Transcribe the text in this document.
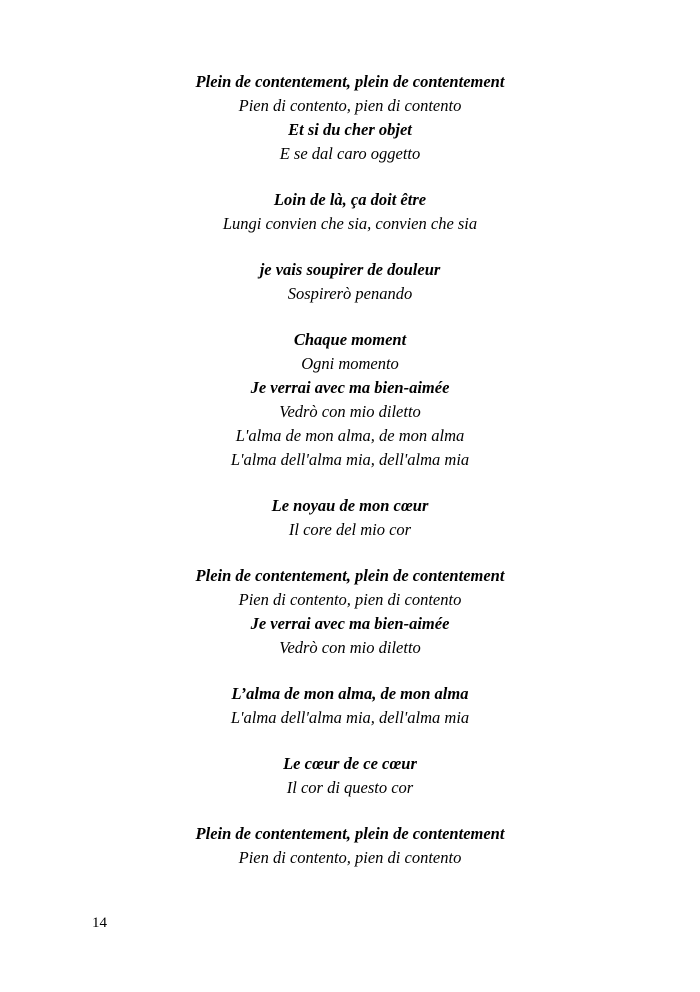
Plein de contentement, plein de contentement
Pien di contento, pien di contento
Et si du cher objet
E se dal caro oggetto
Loin de là, ça doit être
Lungi convien che sia, convien che sia
je vais soupirer de douleur
Sospirerò penando
Chaque moment
Ogni momento
Je verrai avec ma bien-aimée
Vedrò con mio diletto
L'alma de mon alma, de mon alma
L'alma dell'alma mia, dell'alma mia
Le noyau de mon cœur
Il core del mio cor
Plein de contentement, plein de contentement
Pien di contento, pien di contento
Je verrai avec ma bien-aimée
Vedrò con mio diletto
L’alma de mon alma, de mon alma
L'alma dell'alma mia, dell'alma mia
Le cœur de ce cœur
Il cor di questo cor
Plein de contentement, plein de contentement
Pien di contento, pien di contento
14
